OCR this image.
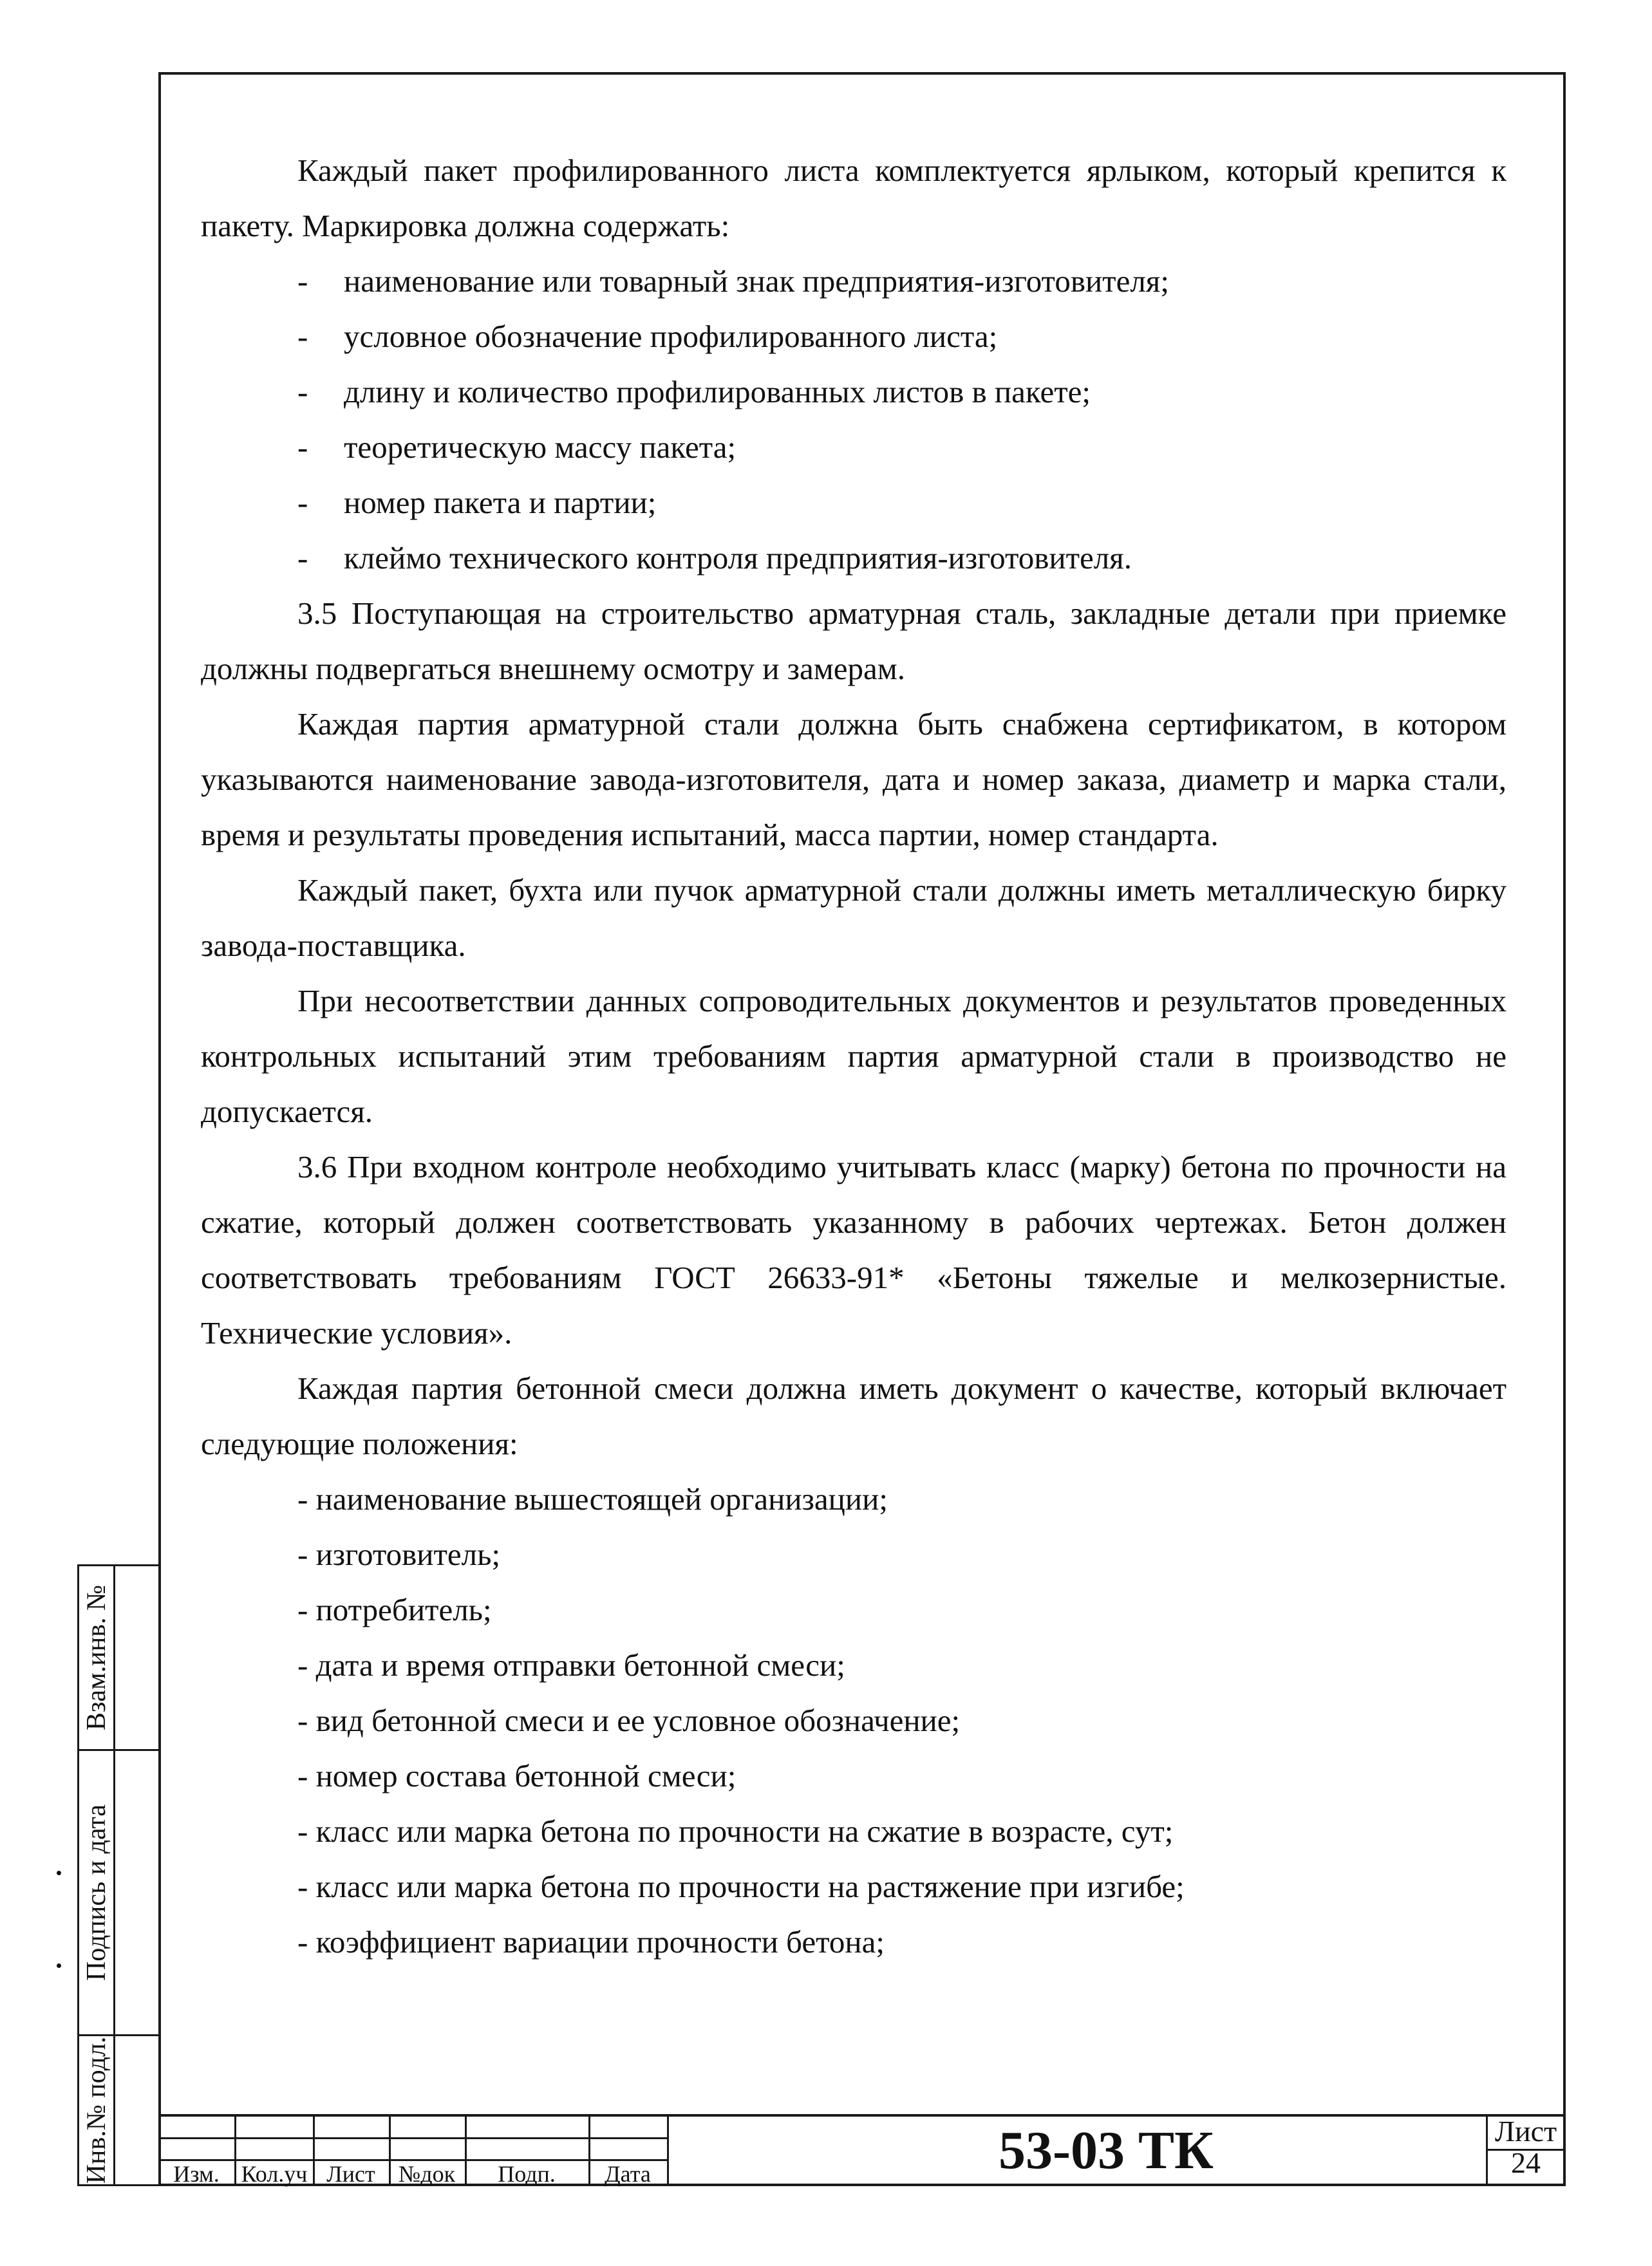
Каждый пакет профилированного листа комплектуется ярлыком, который крепится к пакету. Маркировка должна содержать:

- наименование или товарный знак предприятия-изготовителя;

- условное обозначение профилированного листа;

- длину и количество профилированных листов в пакете;

- теоретическую массу пакета;

- номер пакета и партии;

- клеймо технического контроля предприятия-изготовителя.

3.5 Поступающая на строительство арматурная сталь, закладные детали при приемке должны подвергаться внешнему осмотру и замерам.

Каждая партия арматурной стали должна быть снабжена сертификатом, в котором указываются наименование завода-изготовителя, дата и номер заказа, диаметр и марка стали, время и результаты проведения испытаний, масса партии, номер стандарта.

Каждый пакет, бухта или пучок арматурной стали должны иметь металлическую бирку завода-поставщика.

При несоответствии данных сопроводительных документов и результатов проведенных контрольных испытаний этим требованиям партия арматурной стали в производство не допускается.

3.6 При входном контроле необходимо учитывать класс (марку) бетона по прочности на сжатие, который должен соответствовать указанному в рабочих чертежах. Бетон должен соответствовать требованиям ГОСТ 26633-91* «Бетоны тяжелые и мелкозернистые. Технические условия».

Каждая партия бетонной смеси должна иметь документ о качестве, который включает следующие положения:

- наименование вышестоящей организации;

- изготовитель;

- потребитель;

- дата и время отправки бетонной смеси;

- вид бетонной смеси и ее условное обозначение;

- номер состава бетонной смеси;

- класс или марка бетона по прочности на сжатие в возрасте, сут;

- класс или марка бетона по прочности на растяжение при изгибе;

- коэффициент вариации прочности бетона;

Взам.инв. №
Подпись и дата
Инв.№ подл.	Изм. Кол.уч Лист №док Подп. Дата	53-03 ТК	Лист
24
